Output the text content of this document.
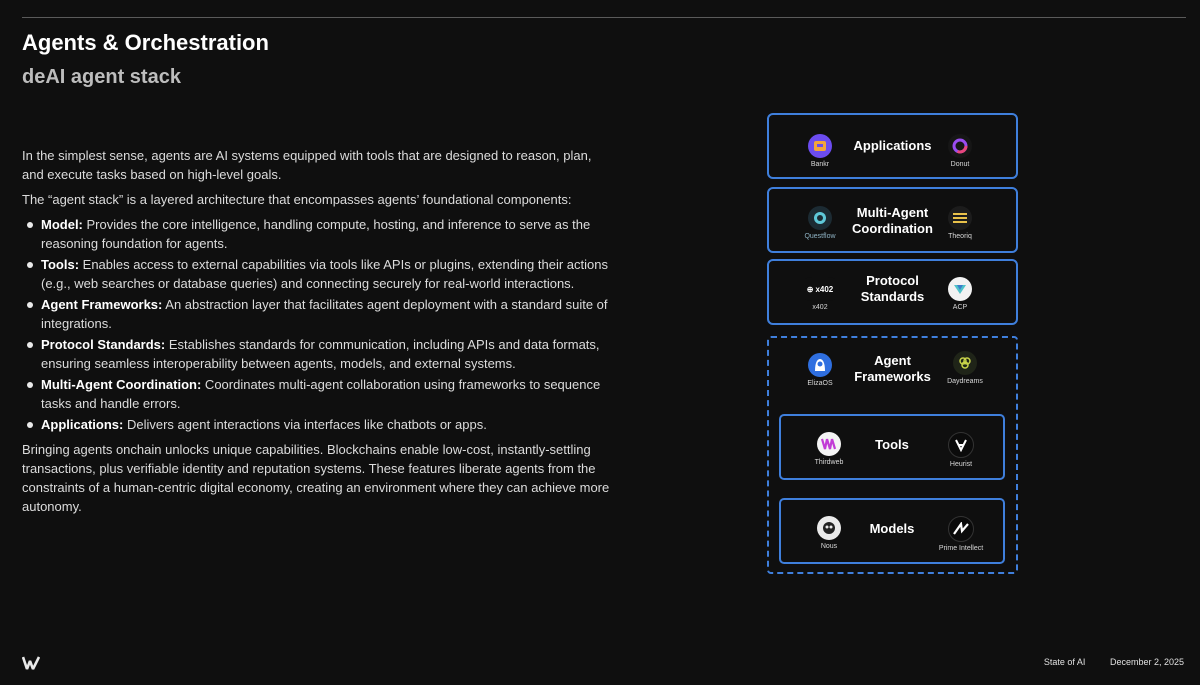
Agents & Orchestration
deAI agent stack

In the simplest sense, agents are AI systems equipped with tools that are designed to reason, plan, and execute tasks based on high-level goals.

The “agent stack” is a layered architecture that encompasses agents’ foundational components:

Model: Provides the core intelligence, handling compute, hosting, and inference to serve as the reasoning foundation for agents.
Tools: Enables access to external capabilities via tools like APIs or plugins, extending their actions (e.g., web searches or database queries) and connecting securely for real-world interactions.
Agent Frameworks: An abstraction layer that facilitates agent deployment with a standard suite of integrations.
Protocol Standards: Establishes standards for communication, including APIs and data formats, ensuring seamless interoperability between agents, models, and external systems.
Multi-Agent Coordination: Coordinates multi-agent collaboration using frameworks to sequence tasks and handle errors.
Applications: Delivers agent interactions via interfaces like chatbots or apps.

Bringing agents onchain unlocks unique capabilities. Blockchains enable low-cost, instantly-settling transactions, plus verifiable identity and reputation systems. These features liberate agents from the constraints of a human-centric digital economy, creating an environment where they can achieve more autonomy.

Applications
Bankr	Donut
Multi-Agent Coordination
Questflow	Theoriq
Protocol Standards
⊕ x402
x402	ACP
Agent Frameworks
ElizaOS	Daydreams
Tools
Thirdweb	Heurist
Models
Nous	Prime Intellect
State of AI	December 2, 2025
